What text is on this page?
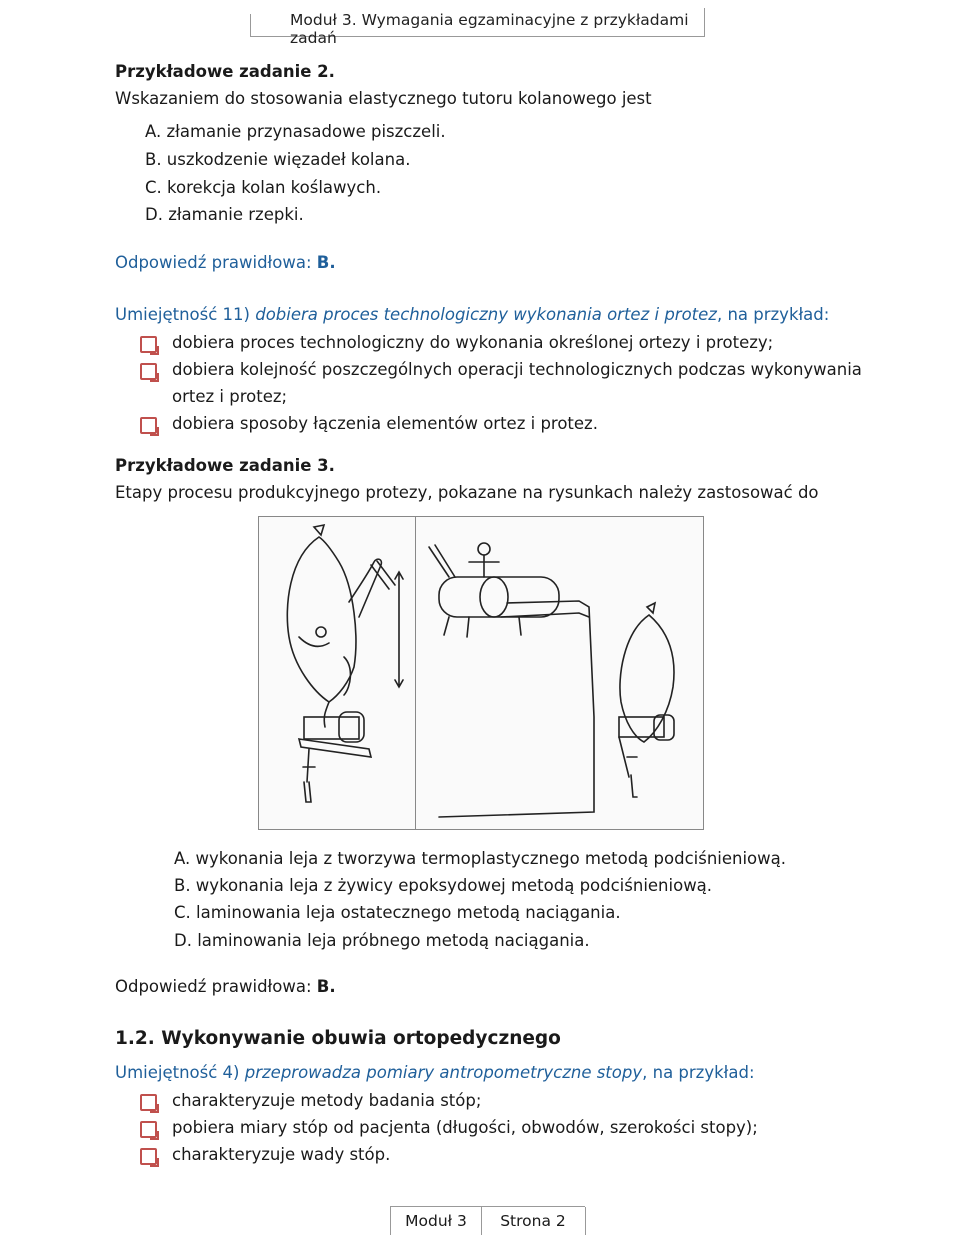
Moduł 3. Wymagania egzaminacyjne z przykładami zadań
Przykładowe zadanie 2.
Wskazaniem do stosowania elastycznego tutoru kolanowego jest
A. złamanie przynasadowe piszczeli.
B. uszkodzenie więzadeł kolana.
C. korekcja kolan koślawych.
D. złamanie rzepki.
Odpowiedź prawidłowa: B.
Umiejętność 11) dobiera proces technologiczny wykonania ortez i protez, na przykład:
dobiera proces technologiczny do wykonania określonej ortezy i protezy;
dobiera kolejność poszczególnych operacji technologicznych podczas wykonywania
ortez i protez;
dobiera sposoby łączenia elementów ortez i protez.
Przykładowe zadanie 3.
Etapy procesu produkcyjnego protezy, pokazane na rysunkach należy zastosować do
A. wykonania leja z tworzywa termoplastycznego metodą podciśnieniową.
B. wykonania leja z żywicy epoksydowej metodą podciśnieniową.
C. laminowania leja ostatecznego metodą naciągania.
D. laminowania leja próbnego metodą naciągania.
Odpowiedź prawidłowa: B.
1.2. Wykonywanie obuwia ortopedycznego
Umiejętność 4) przeprowadza pomiary antropometryczne stopy, na przykład:
charakteryzuje metody badania stóp;
pobiera miary stóp od pacjenta (długości, obwodów, szerokości stopy);
charakteryzuje wady stóp.
Moduł 3	Strona 2
